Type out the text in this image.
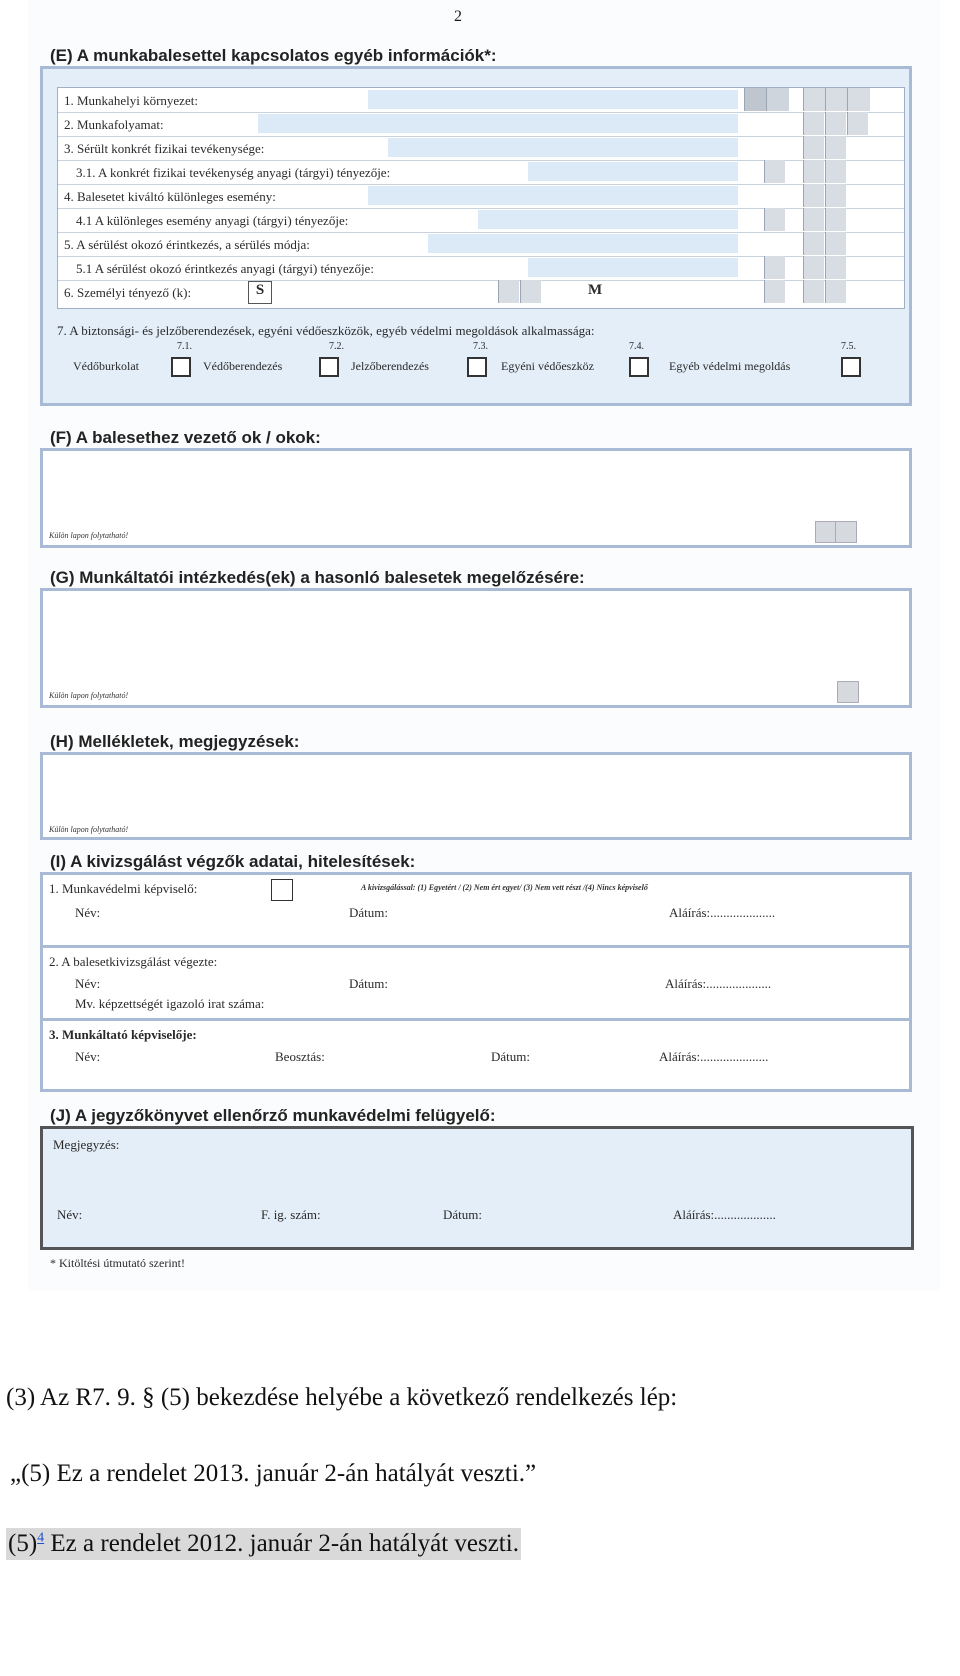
2
(E) A munkabalesettel kapcsolatos egyéb információk*:
1. Munkahelyi környezet:
2. Munkafolyamat:
3. Sérült konkrét fizikai tevékenysége:
3.1. A konkrét fizikai tevékenység anyagi (tárgyi) tényezője:
4. Balesetet kiváltó különleges esemény:
4.1 A különleges esemény anyagi (tárgyi) tényezője:
5. A sérülést okozó érintkezés, a sérülés módja:
5.1 A sérülést okozó érintkezés anyagi (tárgyi) tényezője:
6. Személyi tényező (k):	S	M
7. A biztonsági- és jelzőberendezések, egyéni védőeszközök, egyéb védelmi megoldások alkalmassága:
7.1.
Védőburkolat
7.2.
Védőberendezés
7.3.
Jelzőberendezés
7.4.
Egyéni védőeszköz
7.5.
Egyéb védelmi megoldás
(F) A balesethez vezető ok / okok:
Külön lapon folytatható!
(G) Munkáltatói intézkedés(ek) a hasonló balesetek megelőzésére:
Külön lapon folytatható!
(H) Mellékletek, megjegyzések:
Külön lapon folytatható!
(I) A kivizsgálást végzők adatai, hitelesítések:
1. Munkavédelmi képviselő:	A kivizsgálással: (1) Egyetért / (2) Nem ért egyet/ (3) Nem vett részt /(4) Nincs képviselő
Név:	Dátum:	Aláírás:....................
2. A balesetkivizsgálást végezte:
Név:	Dátum:	Aláírás:....................
Mv. képzettségét igazoló irat száma:
3. Munkáltató képviselője:
Név:	Beosztás:	Dátum:	Aláírás:.....................
(J) A jegyzőkönyvet ellenőrző munkavédelmi felügyelő:
Megjegyzés:
Név:	F. ig. szám:	Dátum:	Aláírás:...................
* Kitöltési útmutató szerint!
(3) Az R7. 9. § (5) bekezdése helyébe a következő rendelkezés lép:
„(5) Ez a rendelet 2013. január 2-án hatályát veszti.”
$(5)^4$ Ez a rendelet 2012. január 2-án hatályát veszti.
